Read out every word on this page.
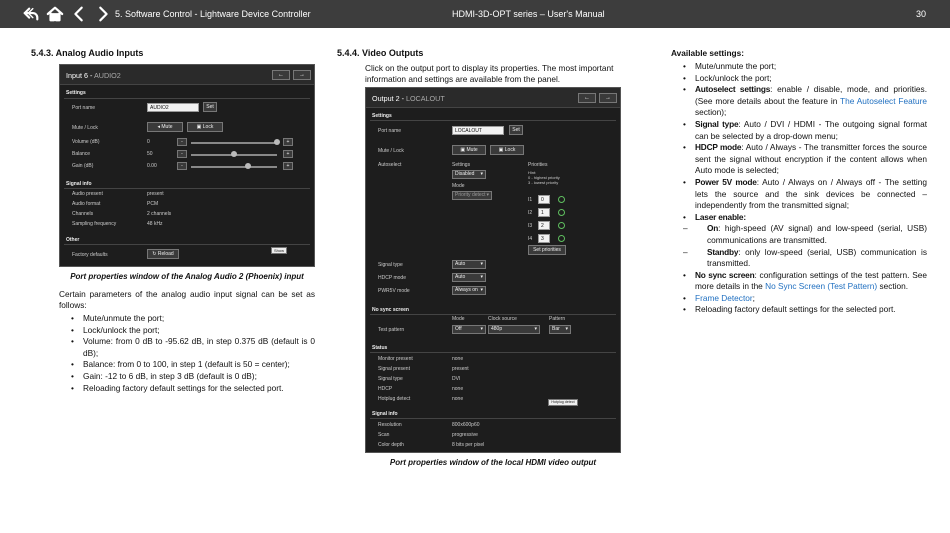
5. Software Control - Lightware Device Controller	HDMI-3D-OPT series – User's Manual	30
5.4.3. Analog Audio Inputs
Input 6 - AUDIO2	←	→
Settings
Port name	AUDIO2	Set
Mute / Lock	◂ Mute	▣ Lock
Volume (dB)	0	-	+
Balance	50	-	+
Gain (dB)	0.00	-	+
Signal info
Audio present	present
Audio format	PCM
Channels	2 channels
Sampling frequency	48 kHz
Other
Factory defaults	↻ Reload
Show
Port properties window of the Analog Audio 2 (Phoenix) input
Certain parameters of the analog audio input signal can be set as follows:
• Mute/unmute the port;
• Lock/unlock the port;
• Volume: from 0 dB to -95.62 dB, in step 0.375 dB (default is 0 dB);
• Balance: from 0 to 100, in step 1 (default is 50 = center);
• Gain: -12 to 6 dB, in step 3 dB (default is 0 dB);
• Reloading factory default settings for the selected port.
5.4.4. Video Outputs
Click on the output port to display its properties. The most important information and settings are available from the panel.
Output 2 - LOCALOUT	←	→
Settings
Port name	LOCALOUT	Set
Mute / Lock	▣ Mute	▣ Lock
Autoselect	Settings
Disabled ▾
Mode
Priority detect ▾
Priorities
Hint:
0 - highest priority
3 - lowest priority
I1	0
I2	1
I3	2
I4	3
Set priorities
Signal type	Auto ▾
HDCP mode	Auto ▾
PWR5V mode	Always on ▾
No sync screen
Mode	Clock source	Pattern
Test pattern	Off ▾	480p ▾	Bar ▾
Status
Monitor present	none
Signal present	present
Signal type	DVI
HDCP	none
Hotplug detect	none	Hotplug detect
Signal info
Resolution	800x600p60
Scan	progressive
Color depth	8 bits per pixel
Port properties window of the local HDMI video output
Available settings:
• Mute/unmute the port;
• Lock/unlock the port;
• Autoselect settings: enable / disable, mode, and priorities. (See more details about the feature in The Autoselect Feature section);
• Signal type: Auto / DVI / HDMI - The outgoing signal format can be selected by a drop-down menu;
• HDCP mode: Auto / Always - The transmitter forces the source sent the signal without encryption if the content allows when Auto mode is selected;
• Power 5V mode: Auto / Always on / Always off - The setting lets the source and the sink devices be connected – independently from the transmitted signal;
• Laser enable:
– On: high-speed (AV signal) and low-speed (serial, USB) communications are transmitted.
– Standby: only low-speed (serial, USB) communication is transmitted.
• No sync screen: configuration settings of the test pattern. See more details in the No Sync Screen (Test Pattern) section.
• Frame Detector;
• Reloading factory default settings for the selected port.
